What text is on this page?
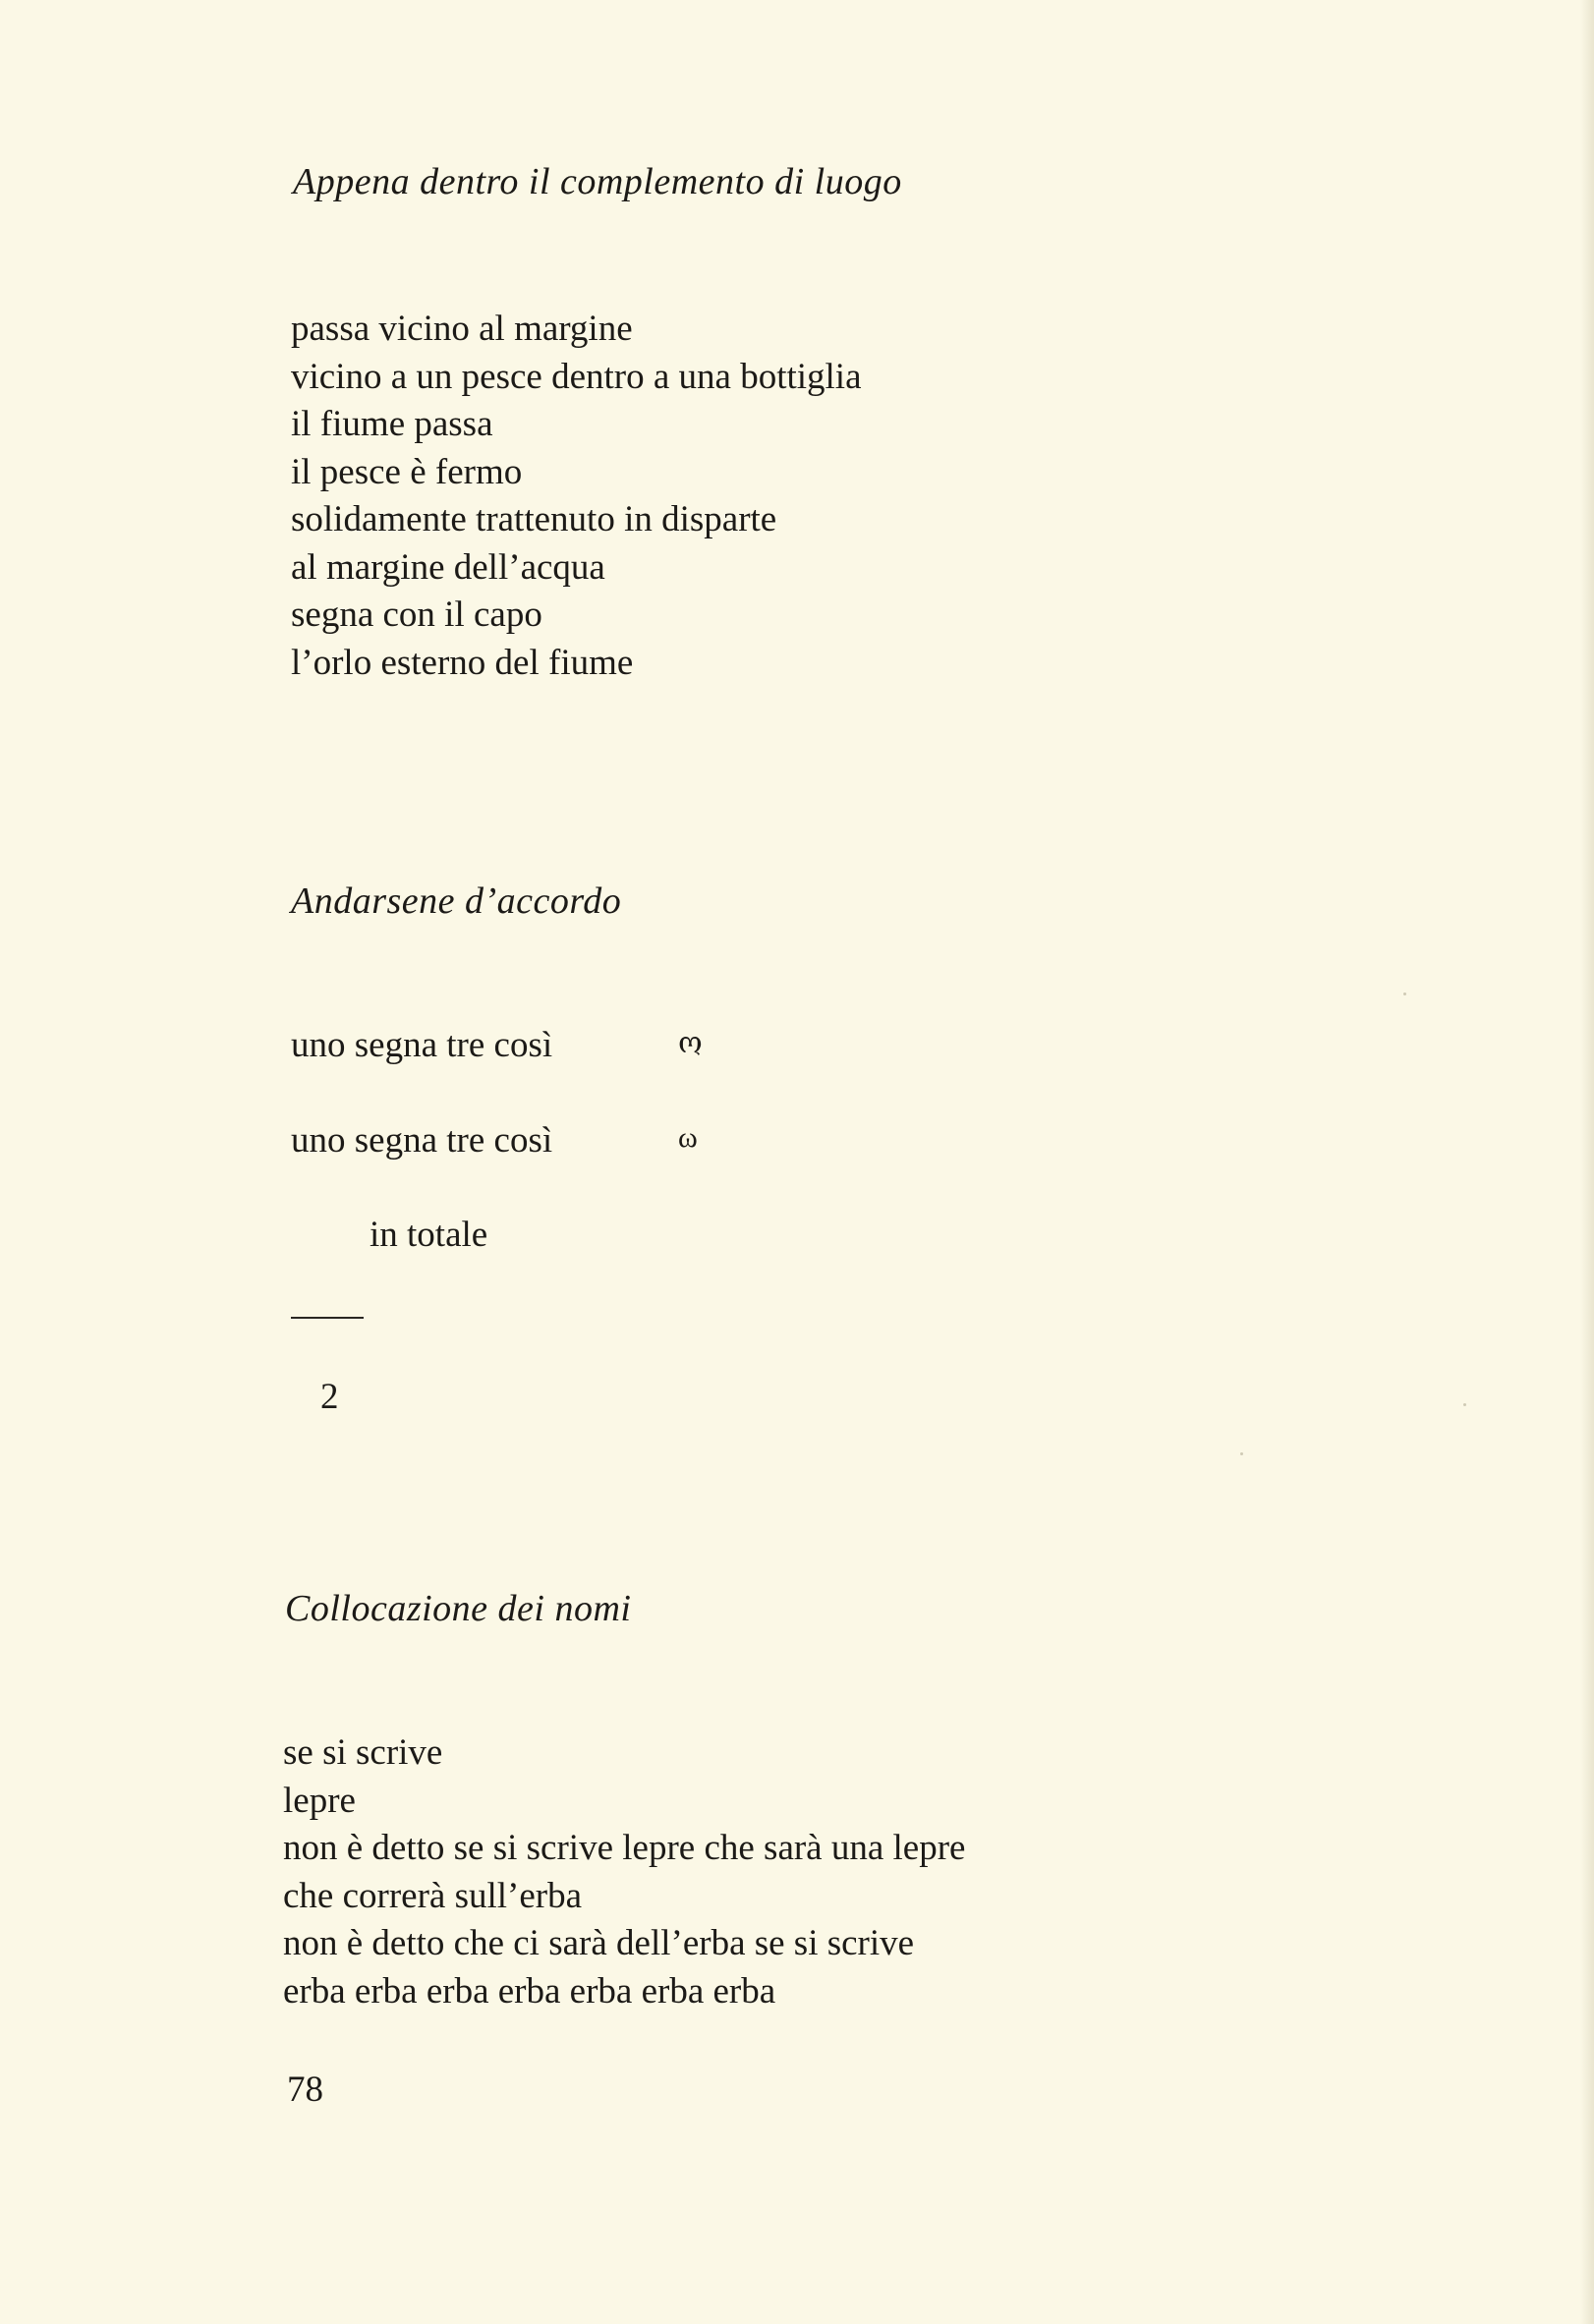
Appena dentro il complemento di luogo
passa vicino al margine
vicino a un pesce dentro a una bottiglia
il fiume passa
il pesce è fermo
solidamente trattenuto in disparte
al margine dell’acqua
segna con il capo
l’orlo esterno del fiume
Andarsene d’accordo
uno segna tre così	ო
uno segna tre così	ω
in totale
2
Collocazione dei nomi
se si scrive
lepre
non è detto se si scrive lepre che sarà una lepre
che correrà sull’erba
non è detto che ci sarà dell’erba se si scrive
erba erba erba erba erba erba erba
78
